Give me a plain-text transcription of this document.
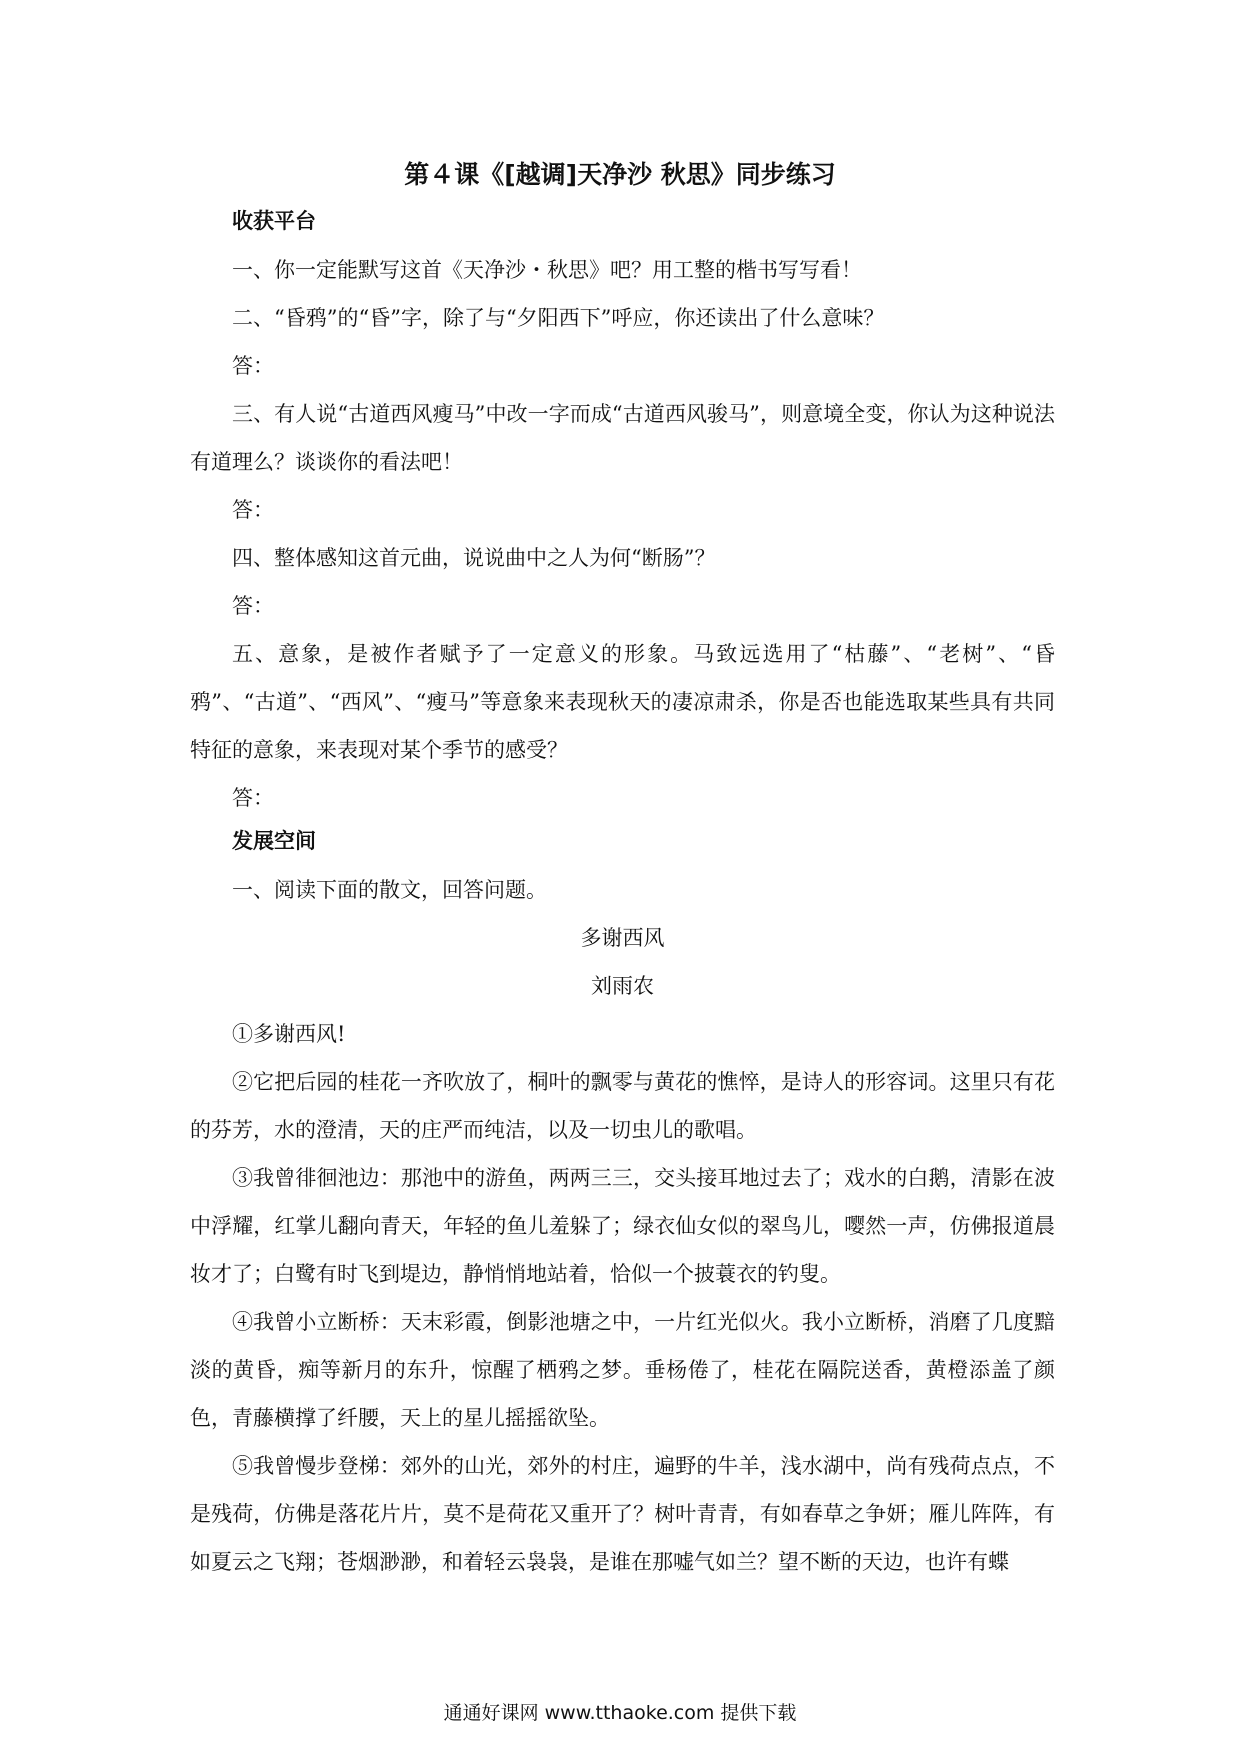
第４课《[越调]天净沙 秋思》同步练习
收获平台

一、你一定能默写这首《天净沙・秋思》吧？用工整的楷书写写看！

二、“昏鸦”的“昏”字，除了与“夕阳西下”呼应，你还读出了什么意味？

答：

三、有人说“古道西风瘦马”中改一字而成“古道西风骏马”，则意境全变，你认为这种说法有道理么？谈谈你的看法吧！

答：

四、整体感知这首元曲，说说曲中之人为何“断肠”？

答：

五、意象，是被作者赋予了一定意义的形象。马致远选用了“枯藤”、“老树”、“昏鸦”、“古道”、“西风”、“瘦马”等意象来表现秋天的凄凉肃杀，你是否也能选取某些具有共同特征的意象，来表现对某个季节的感受？

答：

发展空间

一、阅读下面的散文，回答问题。

多谢西风
刘雨农

①多谢西风!

②它把后园的桂花一齐吹放了，桐叶的飘零与黄花的憔悴，是诗人的形容词。这里只有花的芬芳，水的澄清，天的庄严而纯洁，以及一切虫儿的歌唱。

③我曾徘徊池边：那池中的游鱼，两两三三，交头接耳地过去了；戏水的白鹅，清影在波中浮耀，红掌儿翻向青天，年轻的鱼儿羞躲了；绿衣仙女似的翠鸟儿，嘤然一声，仿佛报道晨妆才了；白鹭有时飞到堤边，静悄悄地站着，恰似一个披蓑衣的钓叟。

④我曾小立断桥：天末彩霞，倒影池塘之中，一片红光似火。我小立断桥，消磨了几度黯淡的黄昏，痴等新月的东升，惊醒了栖鸦之梦。垂杨倦了，桂花在隔院送香，黄橙添盖了颜色，青藤横撑了纤腰，天上的星儿摇摇欲坠。

⑤我曾慢步登梯：郊外的山光，郊外的村庄，遍野的牛羊，浅水湖中，尚有残荷点点，不是残荷，仿佛是落花片片，莫不是荷花又重开了？树叶青青，有如春草之争妍；雁儿阵阵，有如夏云之飞翔；苍烟渺渺，和着轻云袅袅，是谁在那嘘气如兰？望不断的天边，也许有蝶

通通好课网 www.tthaoke.com 提供下载
